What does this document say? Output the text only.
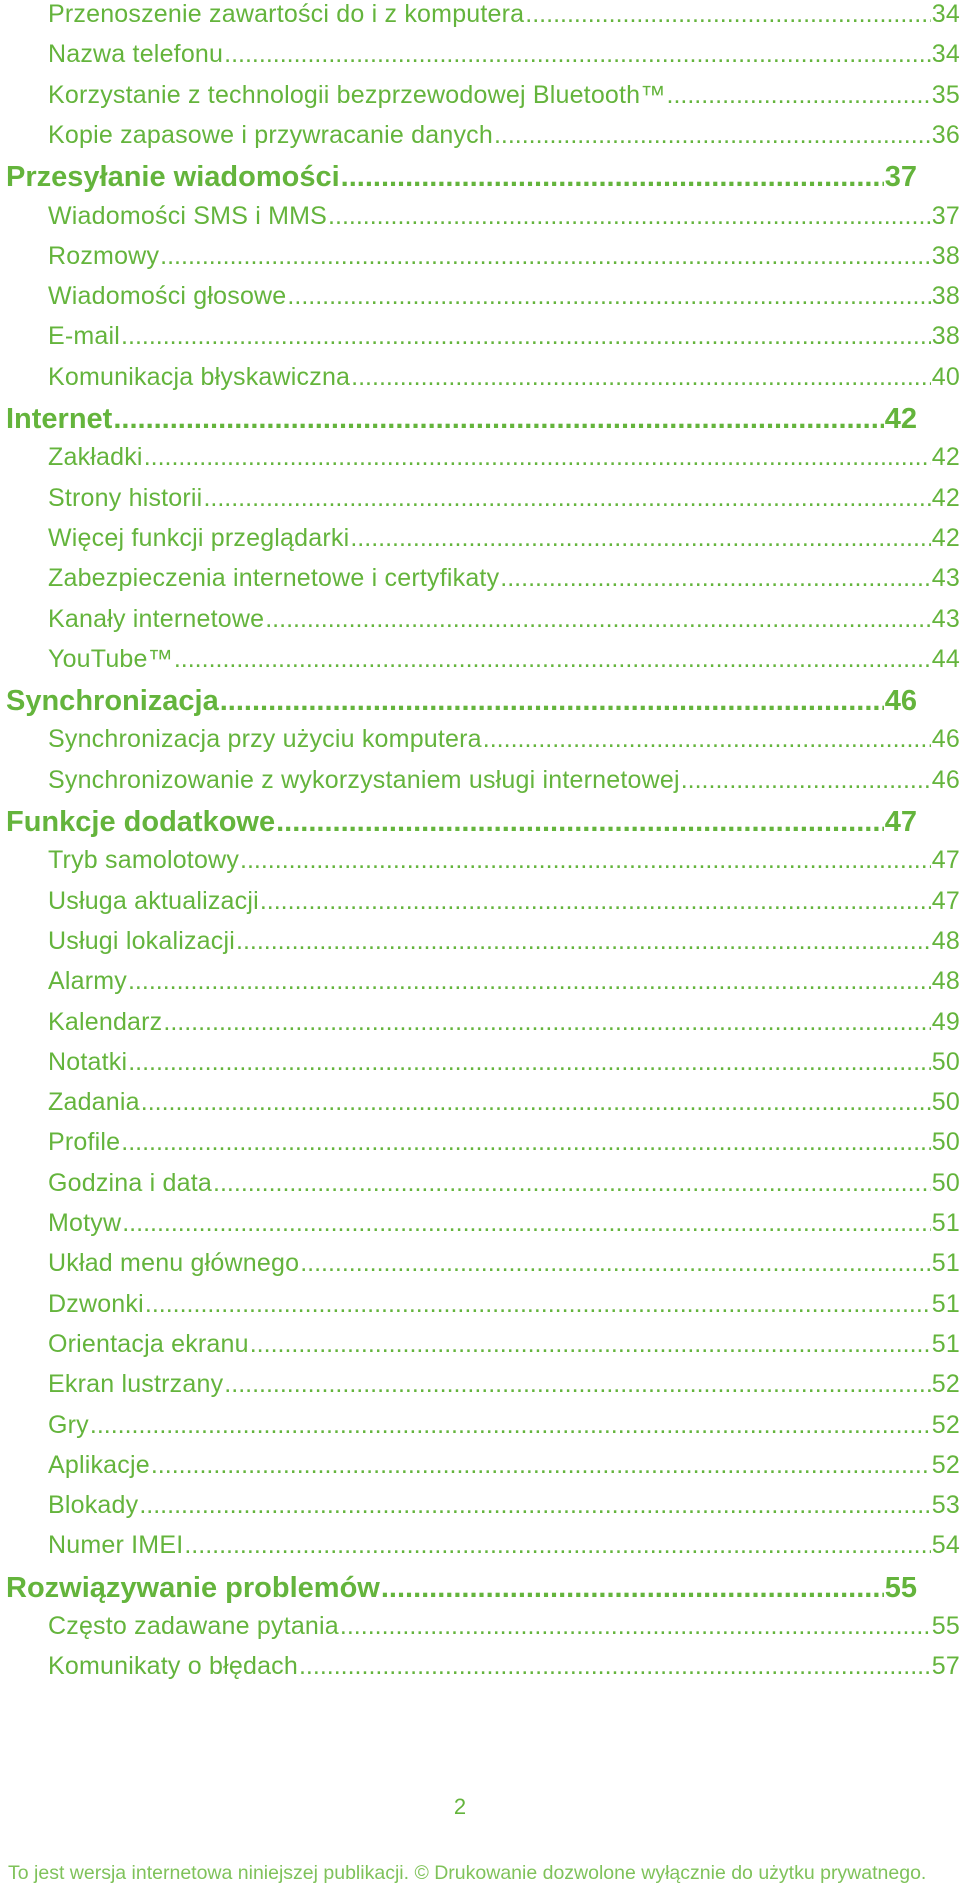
Przenoszenie zawartości do i z komputera .....	34
Nazwa telefonu .....	34
Korzystanie z technologii bezprzewodowej Bluetooth™ .....	35
Kopie zapasowe i przywracanie danych .....	36
Przesyłanie wiadomości .....	37
Wiadomości SMS i MMS .....	37
Rozmowy .....	38
Wiadomości głosowe .....	38
E-mail .....	38
Komunikacja błyskawiczna .....	40
Internet .....	42
Zakładki .....	42
Strony historii .....	42
Więcej funkcji przeglądarki .....	42
Zabezpieczenia internetowe i certyfikaty .....	43
Kanały internetowe .....	43
YouTube™ .....	44
Synchronizacja .....	46
Synchronizacja przy użyciu komputera .....	46
Synchronizowanie z wykorzystaniem usługi internetowej .....	46
Funkcje dodatkowe .....	47
Tryb samolotowy .....	47
Usługa aktualizacji .....	47
Usługi lokalizacji .....	48
Alarmy .....	48
Kalendarz .....	49
Notatki .....	50
Zadania .....	50
Profile .....	50
Godzina i data .....	50
Motyw .....	51
Układ menu głównego .....	51
Dzwonki .....	51
Orientacja ekranu .....	51
Ekran lustrzany .....	52
Gry .....	52
Aplikacje .....	52
Blokady .....	53
Numer IMEI .....	54
Rozwiązywanie problemów .....	55
Często zadawane pytania .....	55
Komunikaty o błędach .....	57
2
To jest wersja internetowa niniejszej publikacji. © Drukowanie dozwolone wyłącznie do użytku prywatnego.
